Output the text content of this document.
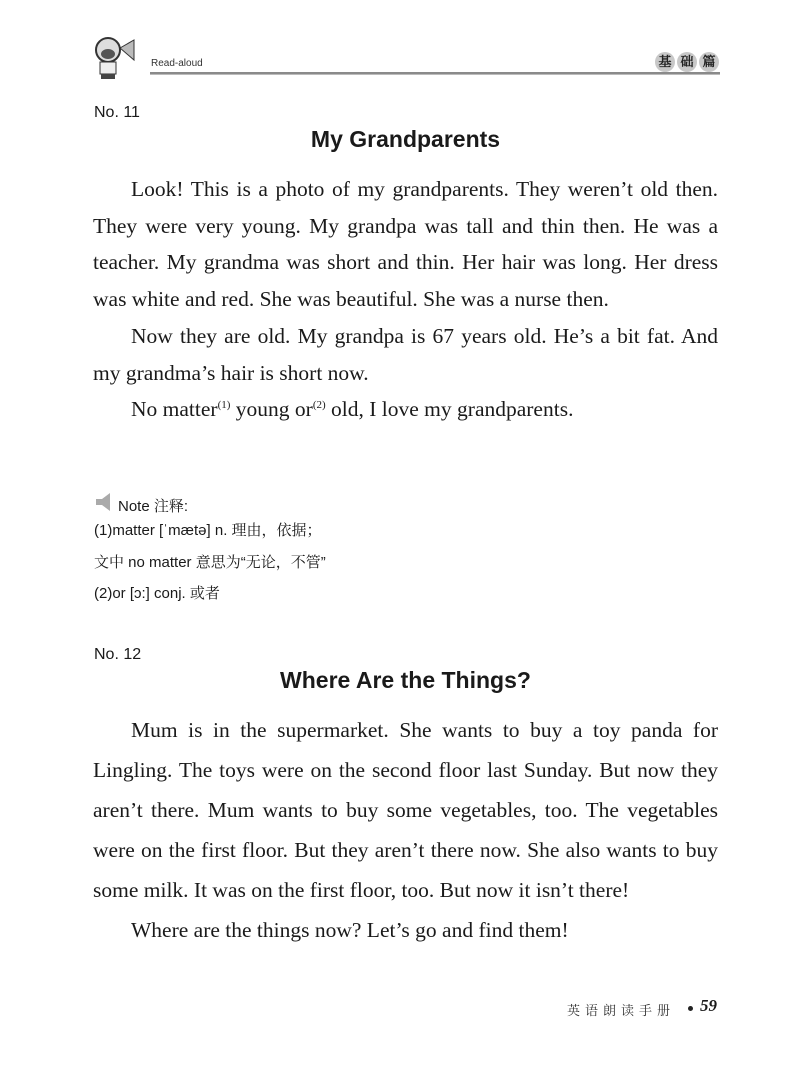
Read-aloud	基 础 篇
No. 11
My Grandparents

Look! This is a photo of my grandparents. They weren’t old then. They were very young. My grandpa was tall and thin then. He was a teacher. My grandma was short and thin. Her hair was long. Her dress was white and red. She was beautiful. She was a nurse then.

Now they are old. My grandpa is 67 years old. He’s a bit fat. And my grandma’s hair is short now.

No matter$^{(1)}$ young $or^{(2)}$ old, I love my grandparents.

Note 注释:
(1)matter [ˈmætə] n. 理由，依据；
文中 no matter 意思为“无论，不管”
(2)or [ɔ:] conj. 或者
No. 12
Where Are the Things?

Mum is in the supermarket. She wants to buy a toy panda for Lingling. The toys were on the second floor last Sunday. But now they aren’t there. Mum wants to buy some vegetables, too. The vegetables were on the first floor. But they aren’t there now. She also wants to buy some milk. It was on the first floor, too. But now it isn’t there!

Where are the things now? Let’s go and find them!

英语朗读手册 59
